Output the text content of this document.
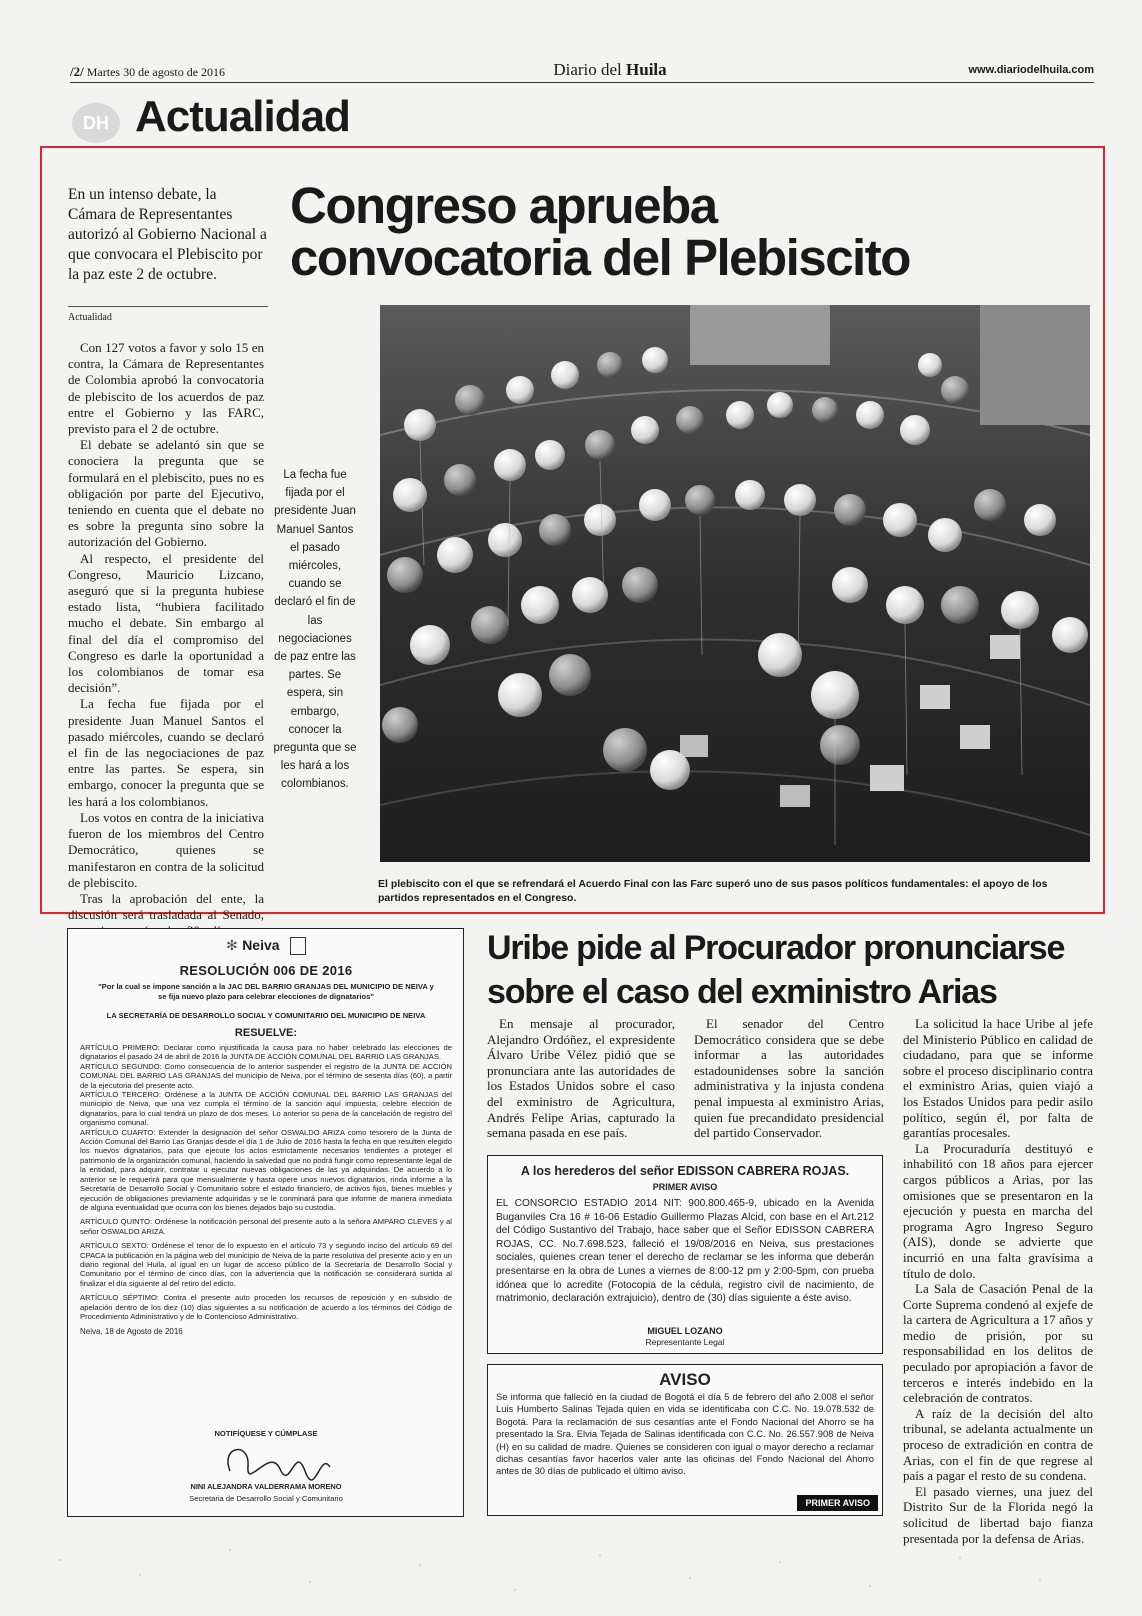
/2/ Martes 30 de agosto de 2016	Diario del Huila	www.diariodelhuila.com
DH Actualidad
En un intenso debate, la Cámara de Representantes autorizó al Gobierno Nacional a que convocara el Plebiscito por la paz este 2 de octubre.
Actualidad

Con 127 votos a favor y solo 15 en contra, la Cámara de Representantes de Colombia aprobó la convocatoria de plebiscito de los acuerdos de paz entre el Gobierno y las FARC, previsto para el 2 de octubre.

El debate se adelantó sin que se conociera la pregunta que se formulará en el plebiscito, pues no es obligación por parte del Ejecutivo, teniendo en cuenta que el debate no es sobre la pregunta sino sobre la autorización del Gobierno.

Al respecto, el presidente del Congreso, Mauricio Lizcano, aseguró que si la pregunta hubiese estado lista, “hubiera facilitado mucho el debate. Sin embargo al final del día el compromiso del Congreso es darle la oportunidad a los colombianos de tomar esa decisión”.

La fecha fue fijada por el presidente Juan Manuel Santos el pasado miércoles, cuando se declaró el fin de las negociaciones de paz entre las partes. Se espera, sin embargo, conocer la pregunta que se les hará a los colombianos.

Los votos en contra de la iniciativa fueron de los miembros del Centro Democrático, quienes se manifestaron en contra de la solicitud de plebiscito.

Tras la aprobación del ente, la discusión será trasladada al Senado,

Congreso aprueba
convocatoria del Plebiscito
La fecha fue fijada por el presidente Juan Manuel Santos el pasado miércoles, cuando se declaró el fin de las negociaciones de paz entre las partes. Se espera, sin embargo, conocer la pregunta que se les hará a los colombianos.
El plebiscito con el que se refrendará el Acuerdo Final con las Farc superó uno de sus pasos políticos fundamentales: el apoyo de los partidos representados en el Congreso.
✻ Neiva
RESOLUCIÓN 006 DE 2016
"Por la cual se impone sanción a la JAC DEL BARRIO GRANJAS DEL MUNICIPIO DE NEIVA y se fija nuevo plazo para celebrar elecciones de dignatarios"
LA SECRETARÍA DE DESARROLLO SOCIAL Y COMUNITARIO DEL MUNICIPIO DE NEIVA
RESUELVE:
ARTÍCULO PRIMERO: Declarar como injustificada la causa para no haber celebrado las elecciones de dignatarios el pasado 24 de abril de 2016 la JUNTA DE ACCIÓN COMUNAL DEL BARRIO LAS GRANJAS.
ARTÍCULO SEGUNDO: Como consecuencia de lo anterior suspender el registro de la JUNTA DE ACCIÓN COMUNAL DEL BARRIO LAS GRANJAS del municipio de Neiva, por el término de sesenta días (60), a partir de la ejecutoria del presente acto.
ARTÍCULO TERCERO: Ordénese a la JUNTA DE ACCIÓN COMUNAL DEL BARRIO LAS GRANJAS del municipio de Neiva, que una vez cumpla el término de la sanción aquí impuesta, celebre elección de dignatarios, para lo cual tendrá un plazo de dos meses. Lo anterior so pena de la cancelación de registro del organismo comunal.
ARTÍCULO CUARTO: Extender la designación del señor OSWALDO ARIZA como tesorero de la Junta de Acción Comunal del Barrio Las Granjas desde el día 1 de Julio de 2016 hasta la fecha en que resulten elegido los nuevos dignatarios, para que ejecute los actos estrictamente necesarios tendientes a proteger el patrimonio de la organización comunal, haciendo la salvedad que no podrá fungir como representante legal de la entidad, para adquirir, contratar u ejecutar nuevas obligaciones de las ya adquiridas. De acuerdo a lo anterior se le requerirá para que mensualmente y hasta opere unos nuevos dignatarios, rinda informe a la Secretaría de Desarrollo Social y Comunitario sobre el estado financiero, de activos fijos, bienes muebles y ejecución de obligaciones previamente adquiridas y se le conminará para que informe de manera inmediata de alguna eventualidad que ocurra con los bienes dejados bajo su custodia.
ARTÍCULO QUINTO: Ordénese la notificación personal del presente auto a la señora AMPARO CLEVES y al señor OSWALDO ARIZA.
ARTÍCULO SEXTO: Ordénese el tenor de lo expuesto en el artículo 73 y segundo inciso del artículo 69 del CPACA la publicación en la página web del municipio de Neiva de la parte resolutiva del presente acto y en un diario regional del Huila, al igual en un lugar de acceso público de la Secretaría de Desarrollo Social y Comunitario por el término de cinco días, con la advertencia que la notificación se considerará surtida al finalizar el día siguiente al del retiro del edicto.
ARTÍCULO SÉPTIMO: Contra el presente auto proceden los recursos de reposición y en subsidio de apelación dentro de los diez (10) días siguientes a su notificación de acuerdo a los términos del Código de Procedimiento Administrativo y de lo Contencioso Administrativo.
Neiva, 18 de Agosto de 2016
NOTIFÍQUESE Y CÚMPLASE
NINI ALEJANDRA VALDERRAMA MORENO
Secretaria de Desarrollo Social y Comunitario
Uribe pide al Procurador pronunciarse
sobre el caso del exministro Arias

En mensaje al procurador, Alejandro Ordóñez, el expresidente Álvaro Uribe Vélez pidió que se pronunciara ante las autoridades de los Estados Unidos sobre el caso del exministro de Agricultura, Andrés Felipe Arias, capturado la semana pasada en ese país.

El senador del Centro Democrático considera que se debe informar a las autoridades estadounidenses sobre la sanción administrativa y la injusta condena penal impuesta al exministro Arias, quien fue precandidato presidencial del partido Conservador.

La solicitud la hace Uribe al jefe del Ministerio Público en calidad de ciudadano, para que se informe sobre el proceso disciplinario contra el exministro Arias, quien viajó a los Estados Unidos para pedir asilo político, según él, por falta de garantías procesales.

La Procuraduría destituyó e inhabilitó con 18 años para ejercer cargos públicos a Arias, por las omisiones que se presentaron en la ejecución y puesta en marcha del programa Agro Ingreso Seguro (AIS), donde se advierte que incurrió en una falta gravísima a título de dolo.

La Sala de Casación Penal de la Corte Suprema condenó al exjefe de la cartera de Agricultura a 17 años y medio de prisión, por su responsabilidad en los delitos de peculado por apropiación a favor de terceros e interés indebido en la celebración de contratos.

A raíz de la decisión del alto tribunal, se adelanta actualmente un proceso de extradición en contra de Arias, con el fin de que regrese al país a pagar el resto de su condena.

El pasado viernes, una juez del Distrito Sur de la Florida negó la solicitud de libertad bajo fianza presentada por la defensa de Arias.

A los herederos del señor EDISSON CABRERA ROJAS.
PRIMER AVISO
EL CONSORCIO ESTADIO 2014 NIT: 900.800.465-9, ubicado en la Avenida Buganviles Cra 16 # 16-06 Estadio Guillermo Plazas Alcid, con base en el Art.212 del Código Sustantivo del Trabajo, hace saber que el Señor EDISSON CABRERA ROJAS, CC. No.7.698.523, falleció el 19/08/2016 en Neiva, sus prestaciones sociales, quienes crean tener el derecho de reclamar se les informa que deberán presentarse en la obra de Lunes a viernes de 8:00-12 pm y 2:00-5pm, con prueba idónea que lo acredite (Fotocopia de la cédula, registro civil de nacimiento, de matrimonio, declaración extrajuicio), dentro de (30) días siguiente a éste aviso.
MIGUEL LOZANO
Representante Legal
AVISO
Se informa que falleció en la ciudad de Bogotá el día 5 de febrero del año 2.008 el señor Luis Humberto Salinas Tejada quien en vida se identificaba con C.C. No. 19.078.532 de Bogotá. Para la reclamación de sus cesantías ante el Fondo Nacional del Ahorro se ha presentado la Sra. Elvia Tejada de Salinas identificada con C.C. No. 26.557.908 de Neiva (H) en su calidad de madre. Quienes se consideren con igual o mayor derecho a reclamar dichas cesantías favor hacerlos valer ante las oficinas del Fondo Nacional del Ahorro antes de 30 días de publicado el último aviso.
PRIMER AVISO
